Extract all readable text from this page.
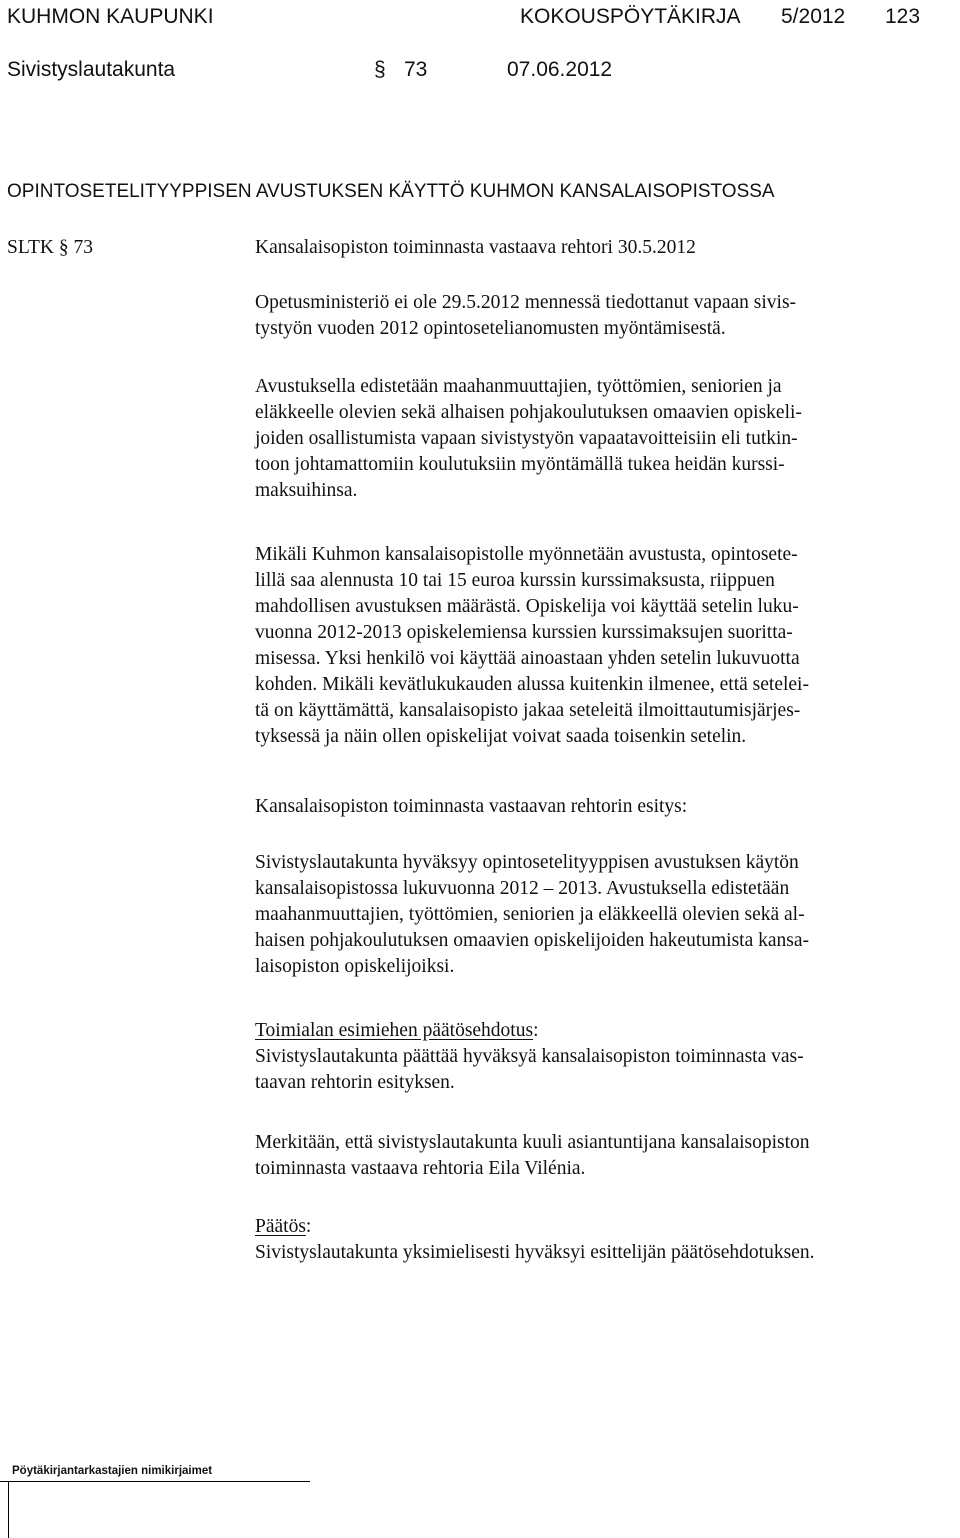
KUHMON KAUPUNKI	KOKOUSPÖYTÄKIRJA 5/2012 123
Sivistyslautakunta	§ 73	07.06.2012
OPINTOSETELITYYPPISEN AVUSTUKSEN KÄYTTÖ KUHMON KANSALAISOPISTOSSA
SLTK § 73	Kansalaisopiston toiminnasta vastaava rehtori 30.5.2012
Opetusministeriö ei ole 29.5.2012 mennessä tiedottanut vapaan sivis-
tystyön vuoden 2012 opintosetelianomusten myöntämisestä.
Avustuksella edistetään maahanmuuttajien, työttömien, seniorien ja
eläkkeelle olevien sekä alhaisen pohjakoulutuksen omaavien opiskeli-
joiden osallistumista vapaan sivistystyön vapaatavoitteisiin eli tutkin-
toon johtamattomiin koulutuksiin myöntämällä tukea heidän kurssi-
maksuihinsa.
Mikäli Kuhmon kansalaisopistolle myönnetään avustusta, opintosete-
lillä saa alennusta 10 tai 15 euroa kurssin kurssimaksusta, riippuen
mahdollisen avustuksen määrästä. Opiskelija voi käyttää setelin luku-
vuonna 2012-2013 opiskelemiensa kurssien kurssimaksujen suoritta-
misessa. Yksi henkilö voi käyttää ainoastaan yhden setelin lukuvuotta
kohden. Mikäli kevätlukukauden alussa kuitenkin ilmenee, että seteleі-
tä on käyttämättä, kansalaisopisto jakaa seteleitä ilmoittautumisjärjes-
tyksessä ja näin ollen opiskelijat voivat saada toisenkin setelin.
Kansalaisopiston toiminnasta vastaavan rehtorin esitys:
Sivistyslautakunta hyväksyy opintosetelityyppisen avustuksen käytön
kansalaisopistossa lukuvuonna 2012 – 2013. Avustuksella edistetään
maahanmuuttajien, työttömien, seniorien ja eläkkeellä olevien sekä al-
haisen pohjakoulutuksen omaavien opiskelijoiden hakeutumista kansa-
laisopiston opiskelijoiksi.
Toimialan esimiehen päätösehdotus:
Sivistyslautakunta päättää hyväksyä kansalaisopiston toiminnasta vas-
taavan rehtorin esityksen.
Merkitään, että sivistyslautakunta kuuli asiantuntijana kansalaisopiston
toiminnasta vastaava rehtoria Eila Vilénia.
Päätös:
Sivistyslautakunta yksimielisesti hyväksyi esittelijän päätösehdotuksen.
Pöytäkirjantarkastajien nimikirjaimet
